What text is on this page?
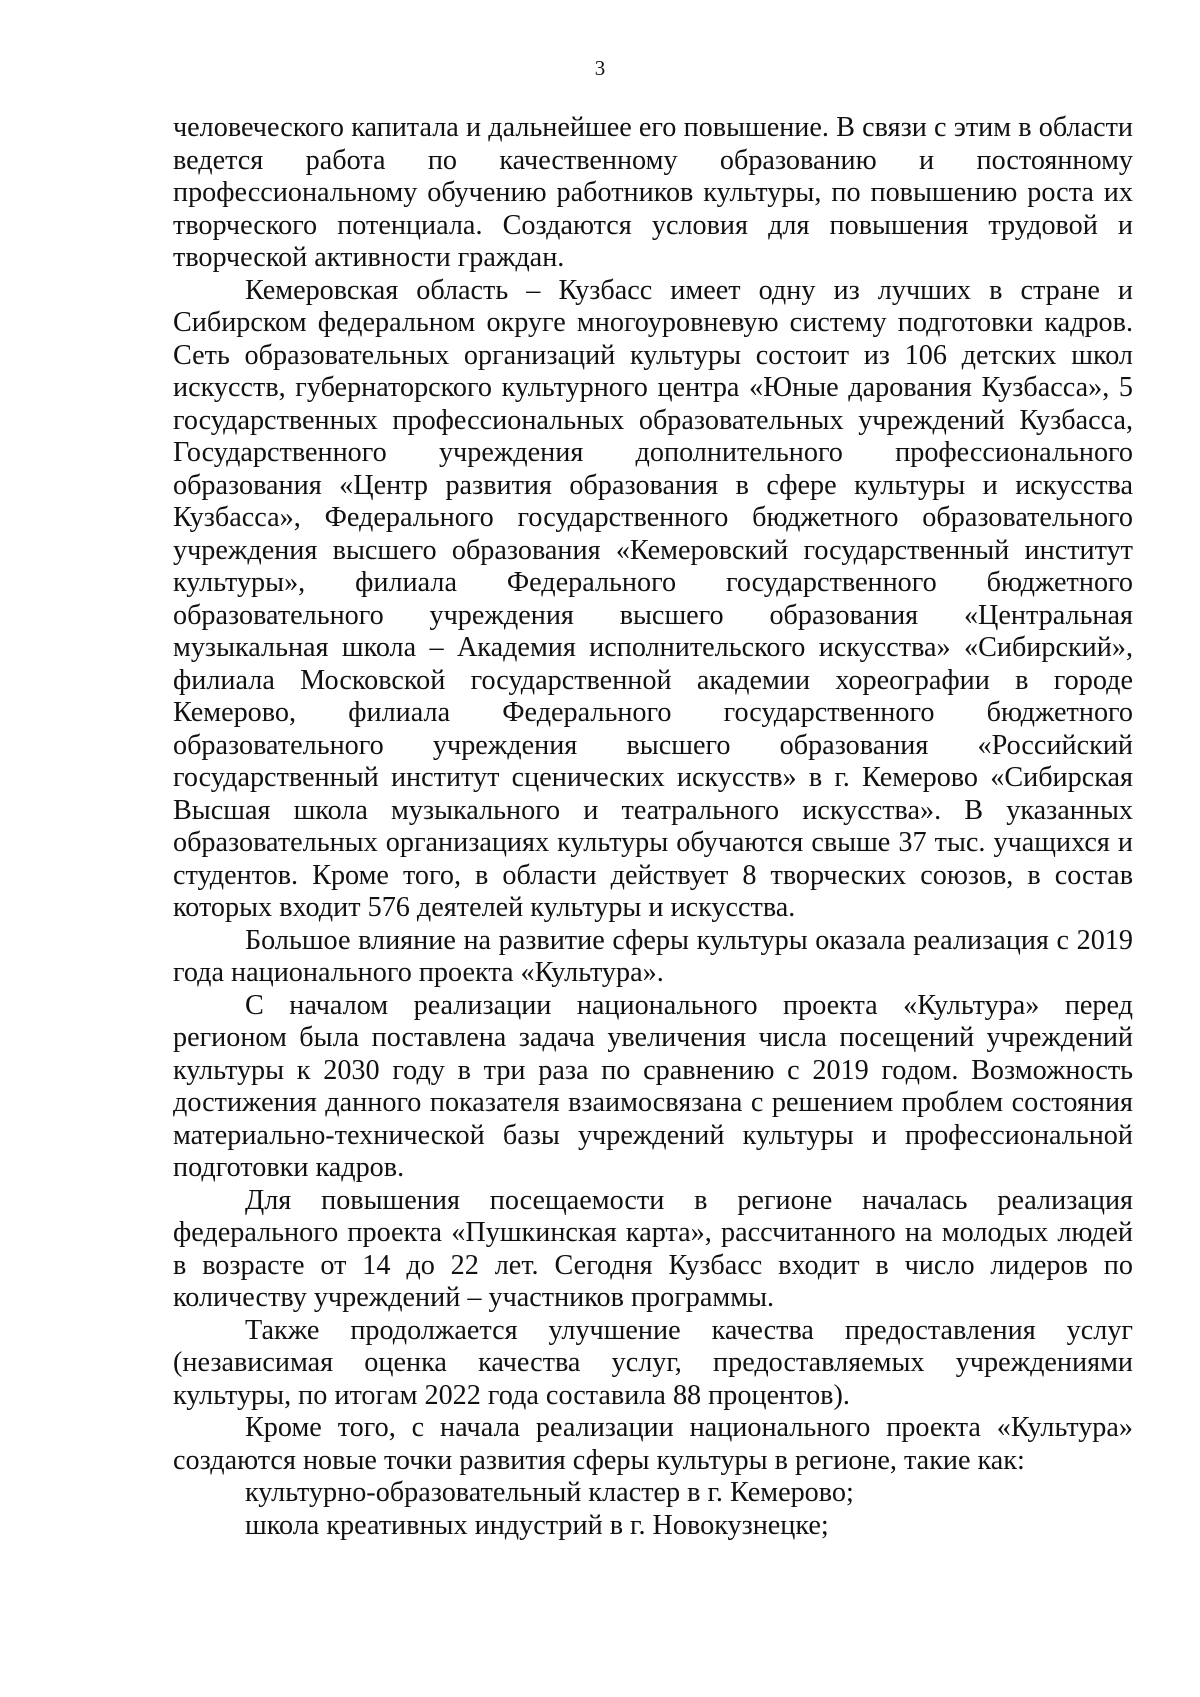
3

человеческого капитала и дальнейшее его повышение. В связи с этим в области ведется работа по качественному образованию и постоянному профессиональному обучению работников культуры, по повышению роста их творческого потенциала. Создаются условия для повышения трудовой и творческой активности граждан.

Кемеровская область – Кузбасс имеет одну из лучших в стране и Сибирском федеральном округе многоуровневую систему подготовки кадров. Сеть образовательных организаций культуры состоит из 106 детских школ искусств, губернаторского культурного центра «Юные дарования Кузбасса», 5 государственных профессиональных образовательных учреждений Кузбасса, Государственного учреждения дополнительного профессионального образования «Центр развития образования в сфере культуры и искусства Кузбасса», Федерального государственного бюджетного образовательного учреждения высшего образования «Кемеровский государственный институт культуры», филиала Федерального государственного бюджетного образовательного учреждения высшего образования «Центральная музыкальная школа – Академия исполнительского искусства» «Сибирский», филиала Московской государственной академии хореографии в городе Кемерово, филиала Федерального государственного бюджетного образовательного учреждения высшего образования «Российский государственный институт сценических искусств» в г. Кемерово «Сибирская Высшая школа музыкального и театрального искусства». В указанных образовательных организациях культуры обучаются свыше 37 тыс. учащихся и студентов. Кроме того, в области действует 8 творческих союзов, в состав которых входит 576 деятелей культуры и искусства.

Большое влияние на развитие сферы культуры оказала реализация с 2019 года национального проекта «Культура».

С началом реализации национального проекта «Культура» перед регионом была поставлена задача увеличения числа посещений учреждений культуры к 2030 году в три раза по сравнению с 2019 годом. Возможность достижения данного показателя взаимосвязана с решением проблем состояния материально-технической базы учреждений культуры и профессиональной подготовки кадров.

Для повышения посещаемости в регионе началась реализация федерального проекта «Пушкинская карта», рассчитанного на молодых людей в возрасте от 14 до 22 лет. Сегодня Кузбасс входит в число лидеров по количеству учреждений – участников программы.

Также продолжается улучшение качества предоставления услуг (независимая оценка качества услуг, предоставляемых учреждениями культуры, по итогам 2022 года составила 88 процентов).

Кроме того, с начала реализации национального проекта «Культура» создаются новые точки развития сферы культуры в регионе, такие как:

культурно-образовательный кластер в г. Кемерово;

школа креативных индустрий в г. Новокузнецке;
